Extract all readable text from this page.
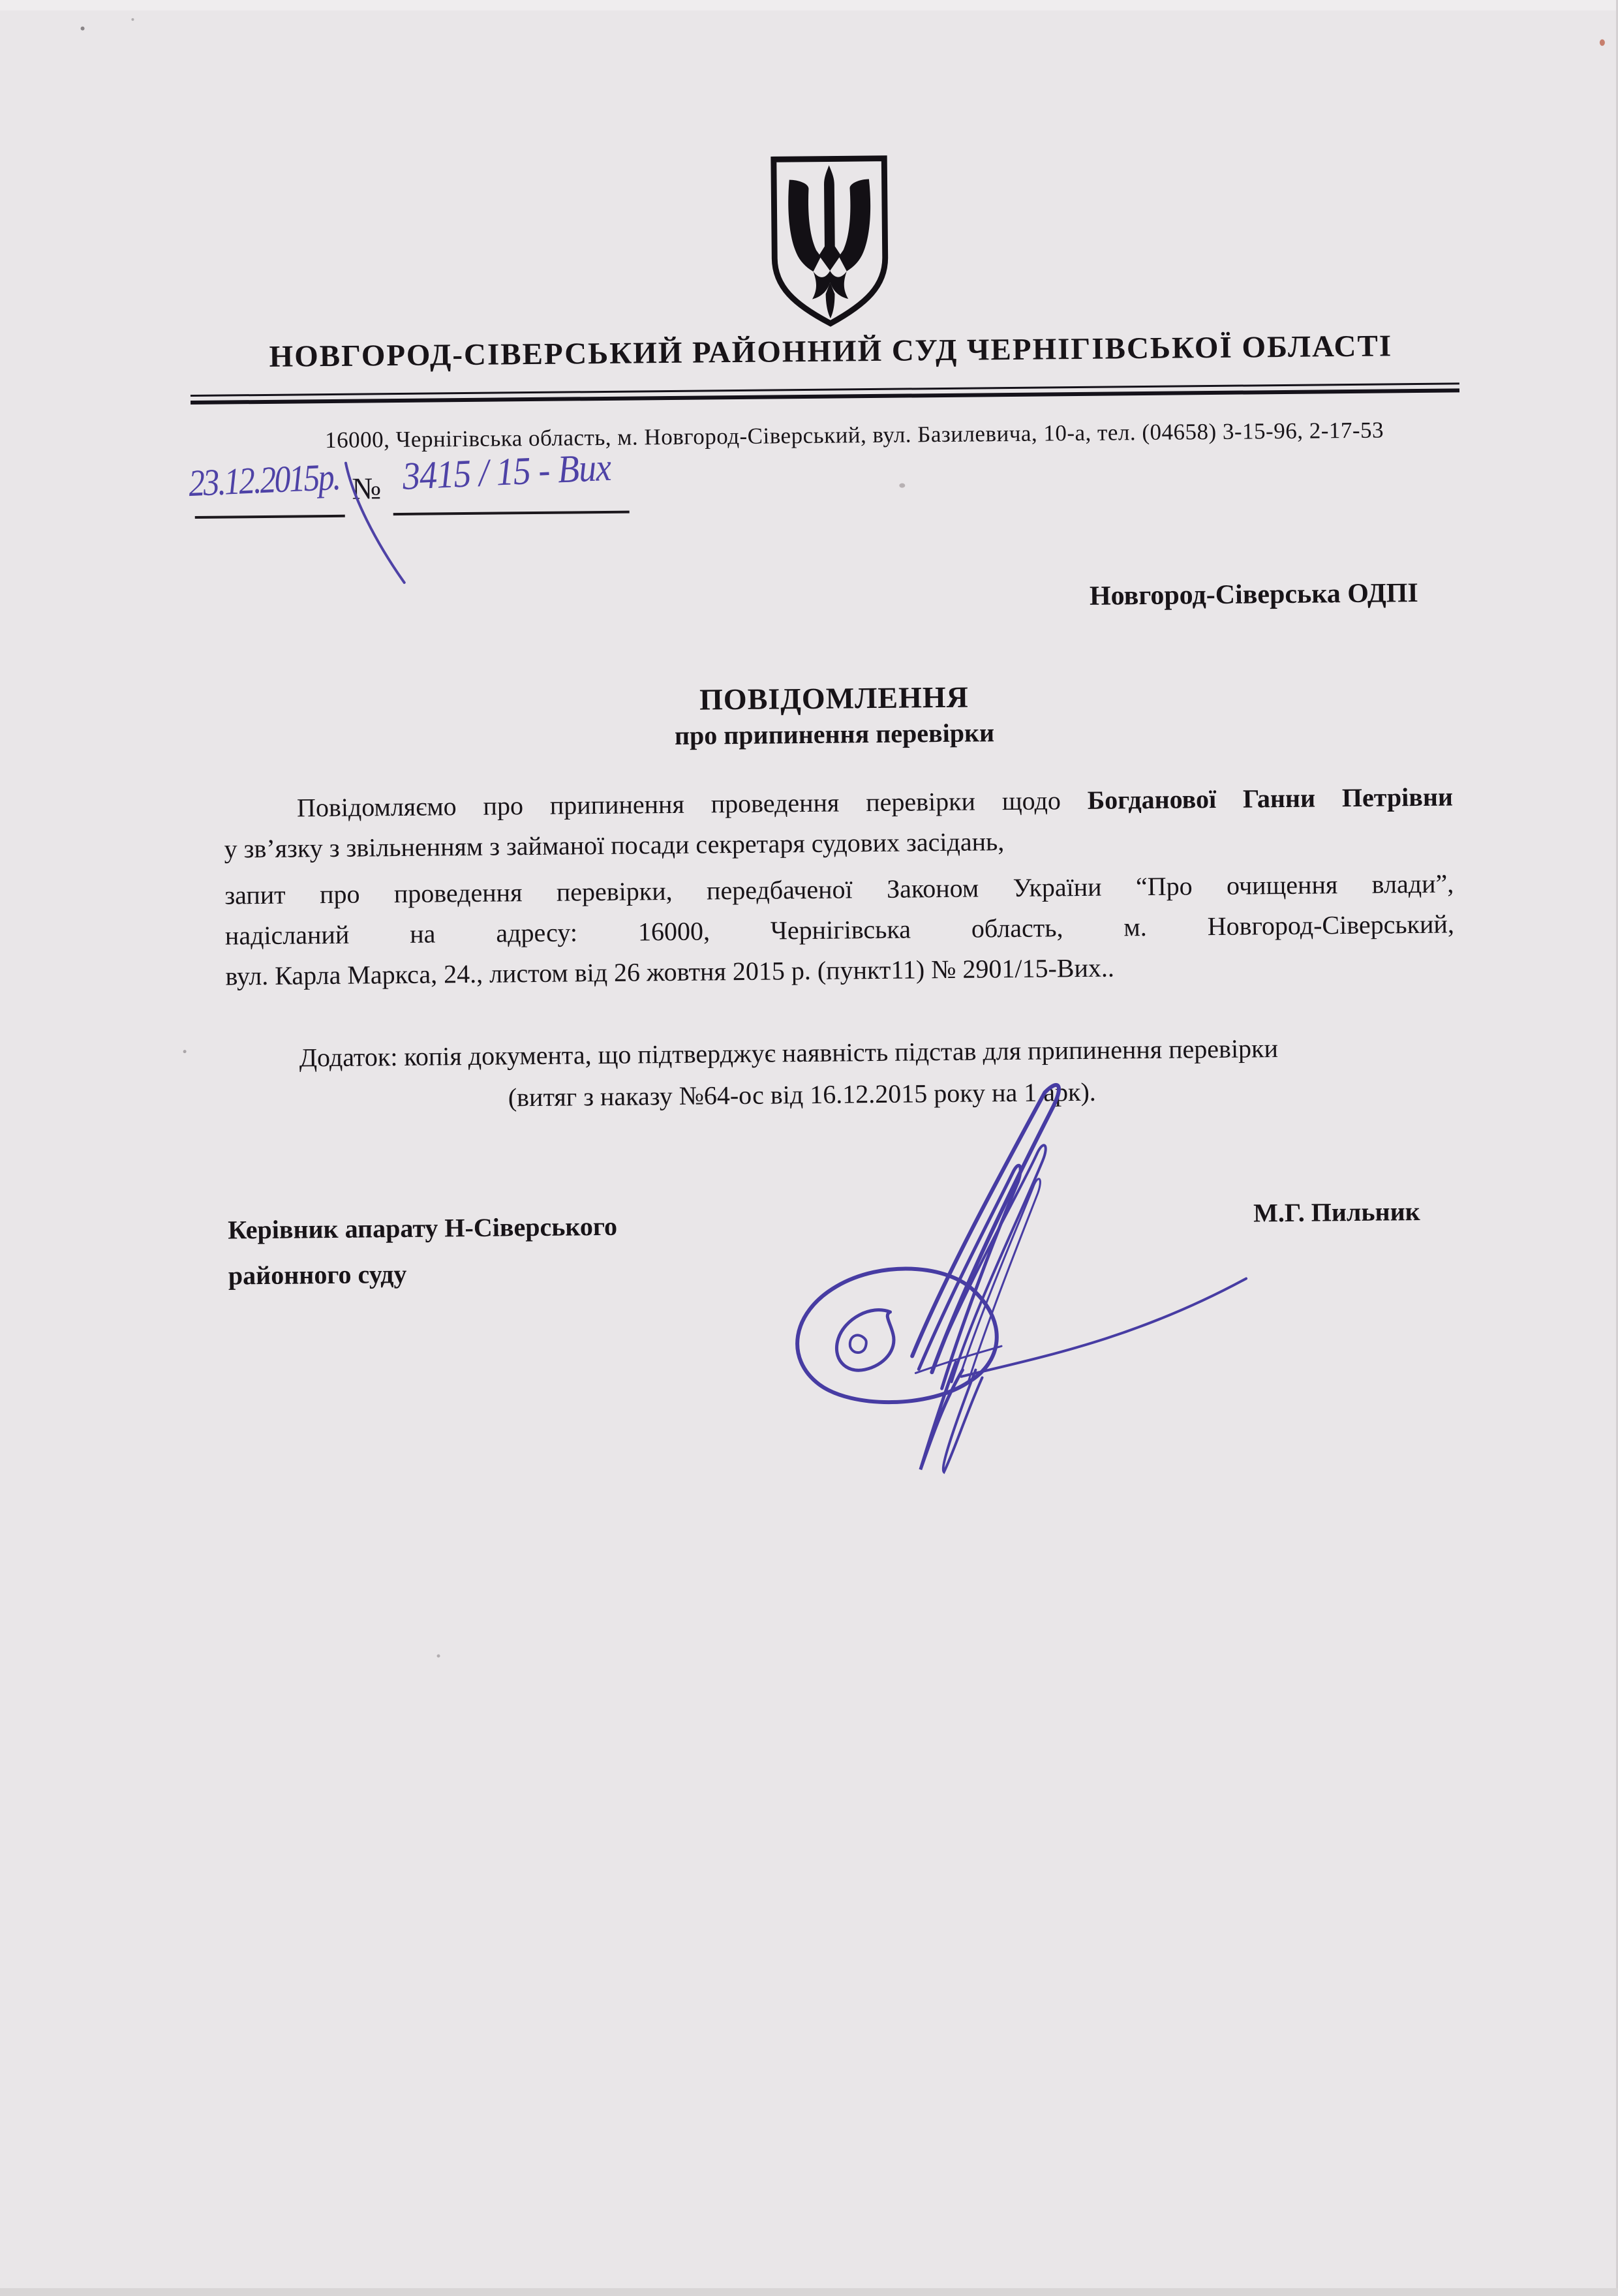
НОВГОРОД-СІВЕРСЬКИЙ РАЙОННИЙ СУД ЧЕРНІГІВСЬКОЇ ОБЛАСТІ
16000, Чернігівська область, м. Новгород-Сіверський, вул. Базилевича, 10-а, тел. (04658) 3-15-96, 2-17-53
23.12.2015р. № 3415 / 15 - Вих
Новгород-Сіверська ОДПІ
ПОВІДОМЛЕННЯ
про припинення перевірки
Повідомляємо про припинення проведення перевірки щодо Богданової Ганни Петрівни
у зв’язку з звільненням з займаної посади секретаря судових засідань,
запит про проведення перевірки, передбаченої Законом України “Про очищення влади”,
надісланий на адресу: 16000, Чернігівська область, м. Новгород-Сіверський,
вул. Карла Маркса, 24., листом від 26 жовтня 2015 р. (пункт11) № 2901/15-Вих..
Додаток: копія документа, що підтверджує наявність підстав для припинення перевірки
(витяг з наказу №64-ос від 16.12.2015 року на 1 арк).
Керівник апарату Н-Сіверського
районного суду
М.Г. Пильник
